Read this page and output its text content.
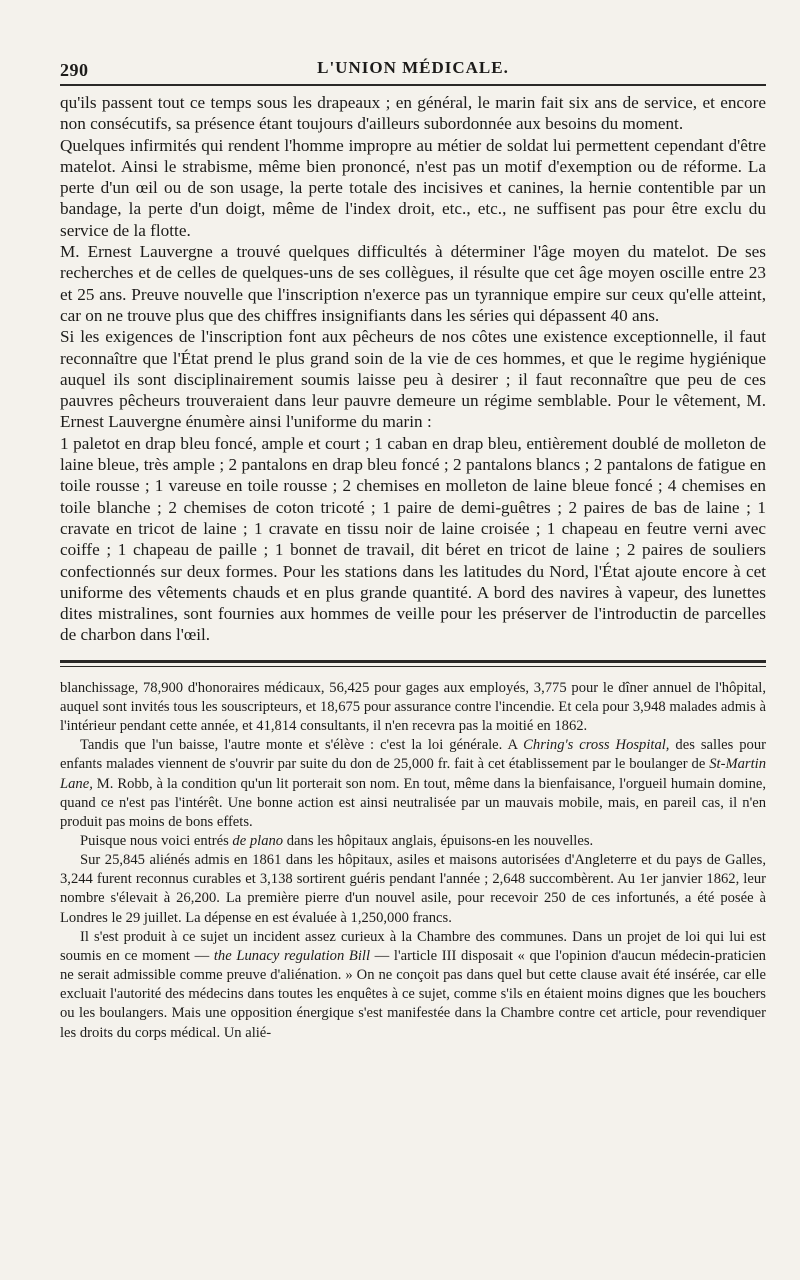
290	L'UNION MÉDICALE.

qu'ils passent tout ce temps sous les drapeaux ; en général, le marin fait six ans de service, et encore non consécutifs, sa présence étant toujours d'ailleurs subordonnée aux besoins du moment.

Quelques infirmités qui rendent l'homme impropre au métier de soldat lui permettent cependant d'être matelot. Ainsi le strabisme, même bien prononcé, n'est pas un motif d'exemption ou de réforme. La perte d'un œil ou de son usage, la perte totale des incisives et canines, la hernie contentible par un bandage, la perte d'un doigt, même de l'index droit, etc., etc., ne suffisent pas pour être exclu du service de la flotte.

M. Ernest Lauvergne a trouvé quelques difficultés à déterminer l'âge moyen du matelot. De ses recherches et de celles de quelques-uns de ses collègues, il résulte que cet âge moyen oscille entre 23 et 25 ans. Preuve nouvelle que l'inscription n'exerce pas un tyrannique empire sur ceux qu'elle atteint, car on ne trouve plus que des chiffres insignifiants dans les séries qui dépassent 40 ans.

Si les exigences de l'inscription font aux pêcheurs de nos côtes une existence exceptionnelle, il faut reconnaître que l'État prend le plus grand soin de la vie de ces hommes, et que le regime hygiénique auquel ils sont disciplinairement soumis laisse peu à desirer ; il faut reconnaître que peu de ces pauvres pêcheurs trouveraient dans leur pauvre demeure un régime semblable. Pour le vêtement, M. Ernest Lauvergne énumère ainsi l'uniforme du marin :

1 paletot en drap bleu foncé, ample et court ; 1 caban en drap bleu, entièrement doublé de molleton de laine bleue, très ample ; 2 pantalons en drap bleu foncé ; 2 pantalons blancs ; 2 pantalons de fatigue en toile rousse ; 1 vareuse en toile rousse ; 2 chemises en molleton de laine bleue foncé ; 4 chemises en toile blanche ; 2 chemises de coton tricoté ; 1 paire de demi-guêtres ; 2 paires de bas de laine ; 1 cravate en tricot de laine ; 1 cravate en tissu noir de laine croisée ; 1 chapeau en feutre verni avec coiffe ; 1 chapeau de paille ; 1 bonnet de travail, dit béret en tricot de laine ; 2 paires de souliers confectionnés sur deux formes. Pour les stations dans les latitudes du Nord, l'État ajoute encore à cet uniforme des vêtements chauds et en plus grande quantité. A bord des navires à vapeur, des lunettes dites mistralines, sont fournies aux hommes de veille pour les préserver de l'introductin de parcelles de charbon dans l'œil.

blanchissage, 78,900 d'honoraires médicaux, 56,425 pour gages aux employés, 3,775 pour le dîner annuel de l'hôpital, auquel sont invités tous les souscripteurs, et 18,675 pour assurance contre l'incendie. Et cela pour 3,948 malades admis à l'intérieur pendant cette année, et 41,814 consultants, il n'en recevra pas la moitié en 1862.

Tandis que l'un baisse, l'autre monte et s'élève : c'est la loi générale. A Chring's cross Hospital, des salles pour enfants malades viennent de s'ouvrir par suite du don de 25,000 fr. fait à cet établissement par le boulanger de St-Martin Lane, M. Robb, à la condition qu'un lit porterait son nom. En tout, même dans la bienfaisance, l'orgueil humain domine, quand ce n'est pas l'intérêt. Une bonne action est ainsi neutralisée par un mauvais mobile, mais, en pareil cas, il n'en produit pas moins de bons effets.

Puisque nous voici entrés de plano dans les hôpitaux anglais, épuisons-en les nouvelles.

Sur 25,845 aliénés admis en 1861 dans les hôpitaux, asiles et maisons autorisées d'Angleterre et du pays de Galles, 3,244 furent reconnus curables et 3,138 sortirent guéris pendant l'année ; 2,648 succombèrent. Au 1er janvier 1862, leur nombre s'élevait à 26,200. La première pierre d'un nouvel asile, pour recevoir 250 de ces infortunés, a été posée à Londres le 29 juillet. La dépense en est évaluée à 1,250,000 francs.

Il s'est produit à ce sujet un incident assez curieux à la Chambre des communes. Dans un projet de loi qui lui est soumis en ce moment — the Lunacy regulation Bill — l'article III disposait « que l'opinion d'aucun médecin-praticien ne serait admissible comme preuve d'aliénation. » On ne conçoit pas dans quel but cette clause avait été insérée, car elle excluait l'autorité des médecins dans toutes les enquêtes à ce sujet, comme s'ils en étaient moins dignes que les bouchers ou les boulangers. Mais une opposition énergique s'est manifestée dans la Chambre contre cet article, pour revendiquer les droits du corps médical. Un alié-
